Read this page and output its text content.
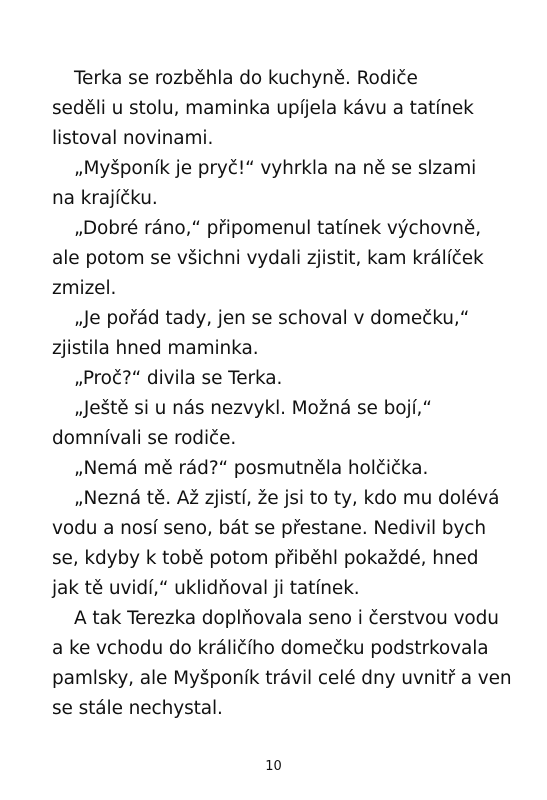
Terka se rozběhla do kuchyně. Rodiče
seděli u stolu, maminka upíjela kávu a tatínek
listoval novinami.
„Myšponík je pryč!“ vyhrkla na ně se slzami
na krajíčku.
„Dobré ráno,“ připomenul tatínek výchovně,
ale potom se všichni vydali zjistit, kam králíček
zmizel.
„Je pořád tady, jen se schoval v domečku,“
zjistila hned maminka.
„Proč?“ divila se Terka.
„Ještě si u nás nezvykl. Možná se bojí,“
domnívali se rodiče.
„Nemá mě rád?“ posmutněla holčička.
„Nezná tě. Až zjistí, že jsi to ty, kdo mu dolévá
vodu a nosí seno, bát se přestane. Nedivil bych
se, kdyby k tobě potom přiběhl pokaždé, hned
jak tě uvidí,“ uklidňoval ji tatínek.
A tak Terezka doplňovala seno i čerstvou vodu
a ke vchodu do králičího domečku podstrkovala
pamlsky, ale Myšponík trávil celé dny uvnitř a ven
se stále nechystal.
10
